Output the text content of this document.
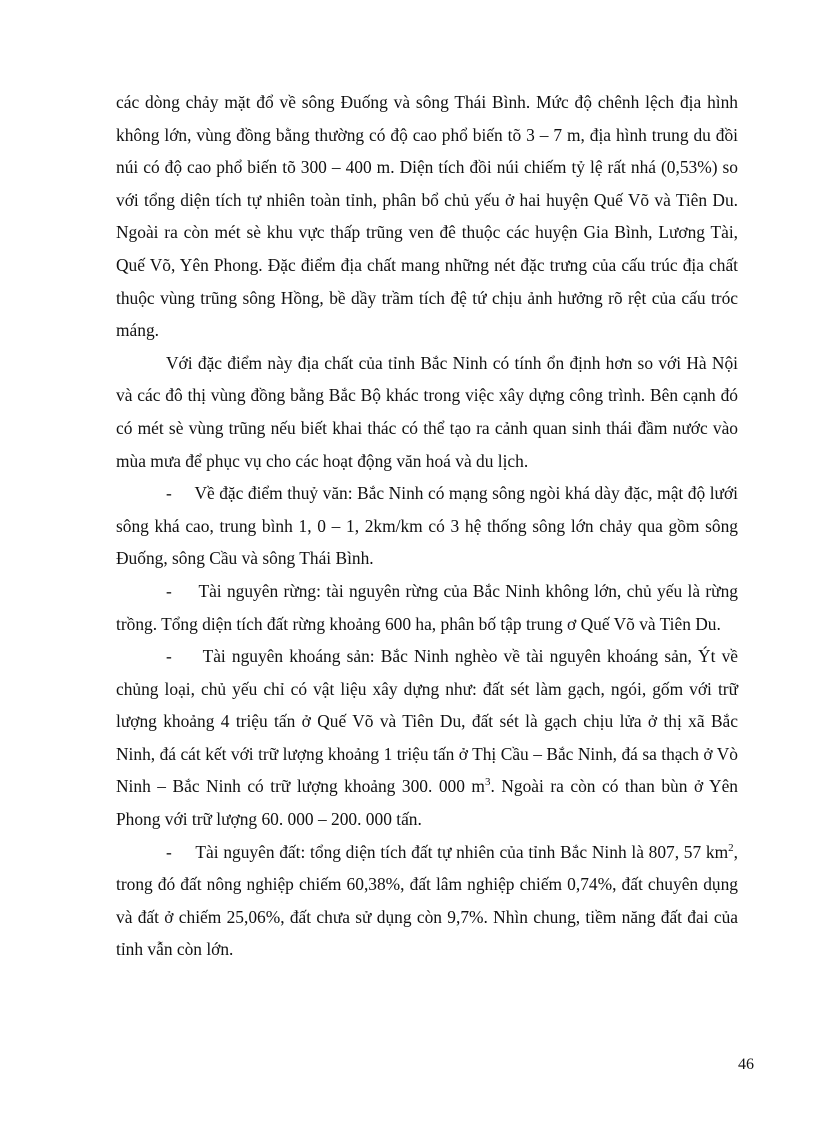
các dòng chảy mặt đổ về sông Đuống và sông Thái Bình. Mức độ chênh lệch địa hình không lớn, vùng đồng bằng thường có độ cao phổ biến tõ 3 – 7 m, địa hình trung du đồi núi có độ cao phổ biến tõ 300 – 400 m. Diện tích đồi núi chiếm tỷ lệ rất nhá (0,53%) so với tổng diện tích tự nhiên toàn tỉnh, phân bổ chủ yếu ở hai huyện Quế Võ và Tiên Du. Ngoài ra còn mét sè khu vực thấp trũng ven đê thuộc các huyện Gia Bình, Lương Tài, Quế Võ, Yên Phong. Đặc điểm địa chất mang những nét đặc trưng của cấu trúc địa chất thuộc vùng trũng sông Hồng, bề dầy trầm tích đệ tứ chịu ảnh hưởng rõ rệt của cấu tróc máng.

Với đặc điểm này địa chất của tỉnh Bắc Ninh có tính ổn định hơn so với Hà Nội và các đô thị vùng đồng bằng Bắc Bộ khác trong việc xây dựng công trình. Bên cạnh đó có mét sè vùng trũng nếu biết khai thác có thể tạo ra cảnh quan sinh thái đầm nước vào mùa mưa để phục vụ cho các hoạt động văn hoá và du lịch.

- Về đặc điểm thuỷ văn: Bắc Ninh có mạng sông ngòi khá dày đặc, mật độ lưới sông khá cao, trung bình 1, 0 – 1, 2km/km có 3 hệ thống sông lớn chảy qua gồm sông Đuống, sông Cầu và sông Thái Bình.

- Tài nguyên rừng: tài nguyên rừng của Bắc Ninh không lớn, chủ yếu là rừng trồng. Tổng diện tích đất rừng khoảng 600 ha, phân bố tập trung ơ Quế Võ và Tiên Du.

- Tài nguyên khoáng sản: Bắc Ninh nghèo về tài nguyên khoáng sản, Ýt về chủng loại, chủ yếu chỉ có vật liệu xây dựng như: đất sét làm gạch, ngói, gốm với trữ lượng khoảng 4 triệu tấn ở Quế Võ và Tiên Du, đất sét là gạch chịu lửa ở thị xã Bắc Ninh, đá cát kết với trữ lượng khoảng 1 triệu tấn ở Thị Cầu – Bắc Ninh, đá sa thạch ở Vò Ninh – Bắc Ninh có trữ lượng khoảng 300. 000 $m^3$. Ngoài ra còn có than bùn ở Yên Phong với trữ lượng 60. 000 – 200. 000 tấn.

- Tài nguyên đất: tổng diện tích đất tự nhiên của tỉnh Bắc Ninh là 807, 57 $km^2$, trong đó đất nông nghiệp chiếm 60,38%, đất lâm nghiệp chiếm 0,74%, đất chuyên dụng và đất ở chiếm 25,06%, đất chưa sử dụng còn 9,7%. Nhìn chung, tiềm năng đất đai của tỉnh vẫn còn lớn.

46
